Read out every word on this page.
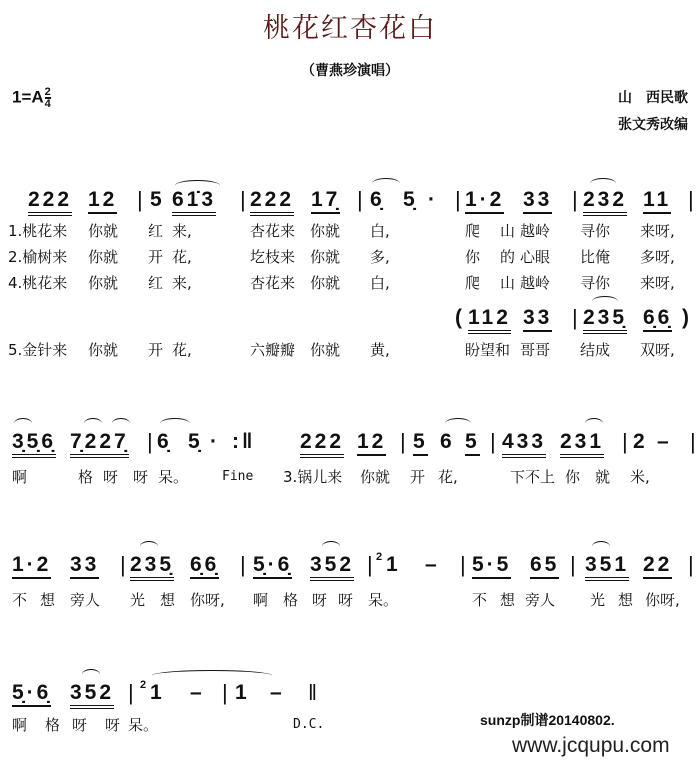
桃花红杏花白
（曹燕珍演唱）
$1=A \frac{2}{4}$	山　西民歌
张文秀改编
222 12 | 5 61̇3 | 222 17̣ | 6̣ 5̣ · | 1·2 33 | 232 11 |
1.桃花来 你就 红 来,	杏花来 你就 白,	爬 山 越岭 寻你 来呀,
2.榆树来 你就 开 花,	圪枝来 你就 多,	你 的 心眼 比俺 多呀,
4.桃花来 你就 红 来,	杏花来 你就 白,	爬 山 越岭 寻你 来呀,
( 112 33 | 235̣ 6̣6̣ )
5.金针来 你就 开 花,	六瓣瓣 你就 黄,	盼望和 哥哥 结成 双呀,
3̣5̣6̣ 7̣227̣ | 6̣ 5̣ · :‖ 222 12 | 5 6 5 | 433 231 | 2 – |
啊	格 呀 呀 呆。	Fine 3.锅儿来 你就 开 花,	下不上 你 就 米,
1·2 33 | 235̣ 6̣6̣ | 5̣·6̣ 352 | 2 1 – | 5·5 65 | 351 22 |
不 想 旁人 光 想 你呀, 啊 格 呀 呀 呆。	不 想 旁人 光 想 你呀,
5̣·6̣ 352 | 2 1 – | 1 – ‖
啊 格 呀 呀 呆。	D.C.	sunzp制谱20140802.
www.jcqupu.com
